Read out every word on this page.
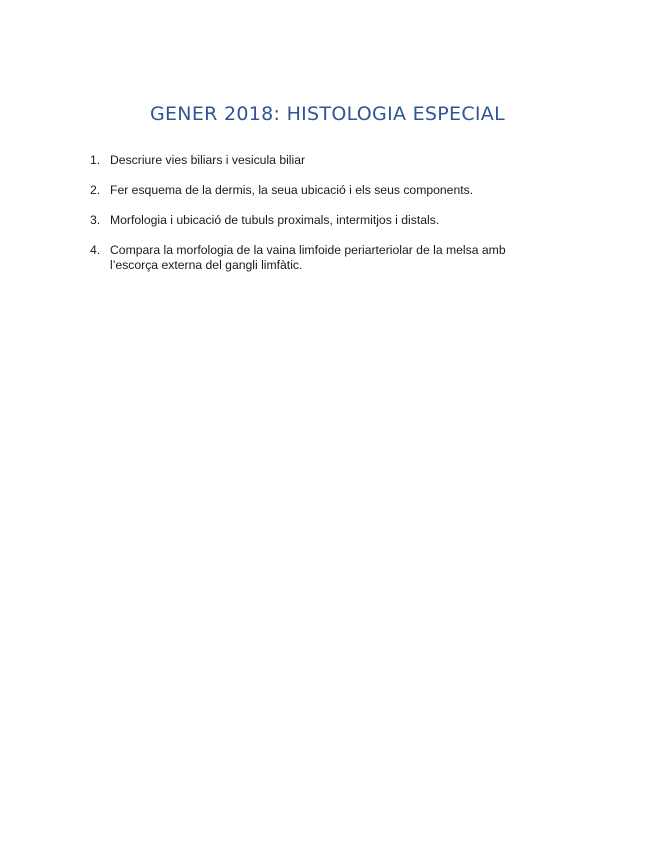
GENER 2018: HISTOLOGIA ESPECIAL
1. Descriure vies biliars i vesicula biliar
2. Fer esquema de la dermis, la seua ubicació i els seus components.
3. Morfologia i ubicació de tubuls proximals, intermitjos i distals.
4. Compara la morfologia de la vaina limfoide periarteriolar de la melsa amb l’escorça externa del gangli limfàtic.
